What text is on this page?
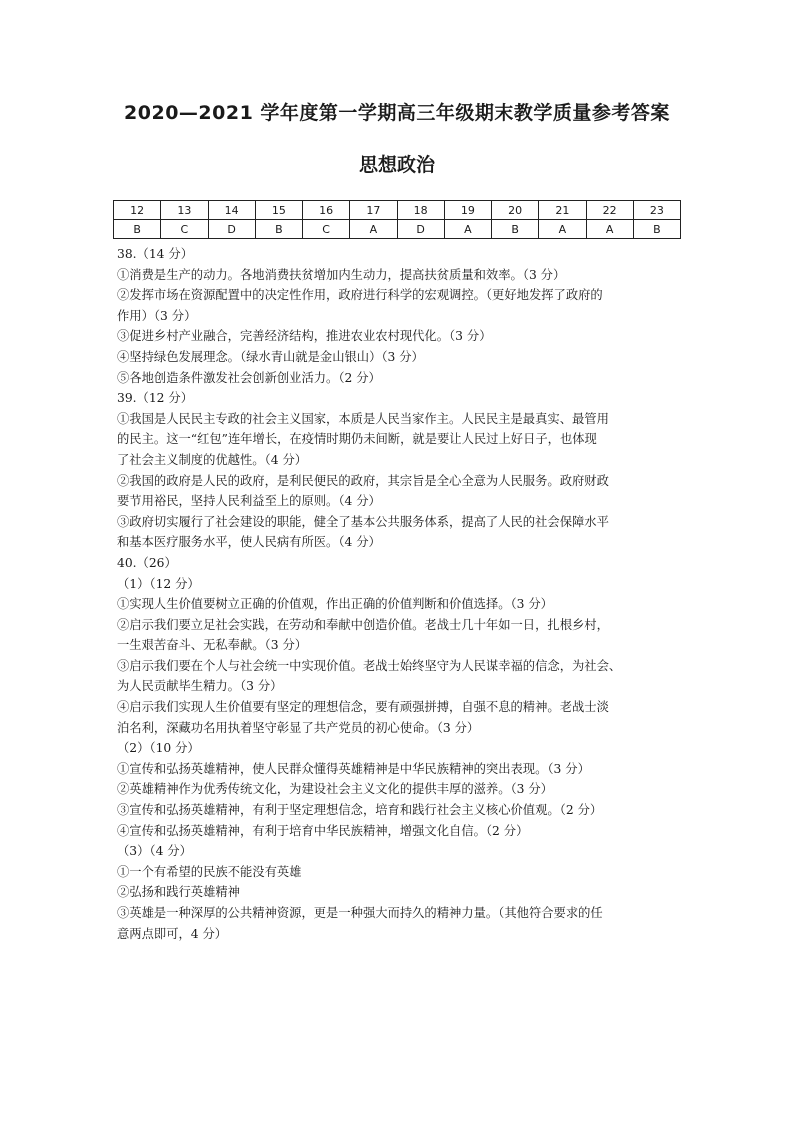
2020—2021 学年度第一学期高三年级期末教学质量参考答案
思想政治
12	13	14	15	16	17	18	19	20	21	22	23
B	C	D	B	C	A	D	A	B	A	A	B

38.（14 分）

①消费是生产的动力。各地消费扶贫增加内生动力，提高扶贫质量和效率。（3 分）

②发挥市场在资源配置中的决定性作用，政府进行科学的宏观调控。（更好地发挥了政府的

作用）（3 分）

③促进乡村产业融合，完善经济结构，推进农业农村现代化。（3 分）

④坚持绿色发展理念。（绿水青山就是金山银山）（3 分）

⑤各地创造条件激发社会创新创业活力。（2 分）

39.（12 分）

①我国是人民民主专政的社会主义国家，本质是人民当家作主。人民民主是最真实、最管用

的民主。这一“红包”连年增长，在疫情时期仍未间断，就是要让人民过上好日子，也体现

了社会主义制度的优越性。（4 分）

②我国的政府是人民的政府，是利民便民的政府，其宗旨是全心全意为人民服务。政府财政

要节用裕民，坚持人民利益至上的原则。（4 分）

③政府切实履行了社会建设的职能，健全了基本公共服务体系，提高了人民的社会保障水平

和基本医疗服务水平，使人民病有所医。（4 分）

40.（26）

（1）（12 分）

①实现人生价值要树立正确的价值观，作出正确的价值判断和价值选择。（3 分）

②启示我们要立足社会实践，在劳动和奉献中创造价值。老战士几十年如一日，扎根乡村，

一生艰苦奋斗、无私奉献。（3 分）

③启示我们要在个人与社会统一中实现价值。老战士始终坚守为人民谋幸福的信念，为社会、

为人民贡献毕生精力。（3 分）

④启示我们实现人生价值要有坚定的理想信念，要有顽强拼搏，自强不息的精神。老战士淡

泊名利，深藏功名用执着坚守彰显了共产党员的初心使命。（3 分）

（2）（10 分）

①宣传和弘扬英雄精神，使人民群众懂得英雄精神是中华民族精神的突出表现。（3 分）

②英雄精神作为优秀传统文化，为建设社会主义文化的提供丰厚的滋养。（3 分）

③宣传和弘扬英雄精神，有利于坚定理想信念，培育和践行社会主义核心价值观。（2 分）

④宣传和弘扬英雄精神，有利于培育中华民族精神，增强文化自信。（2 分）

（3）（4 分）

①一个有希望的民族不能没有英雄

②弘扬和践行英雄精神

③英雄是一种深厚的公共精神资源，更是一种强大而持久的精神力量。（其他符合要求的任

意两点即可，4 分）
